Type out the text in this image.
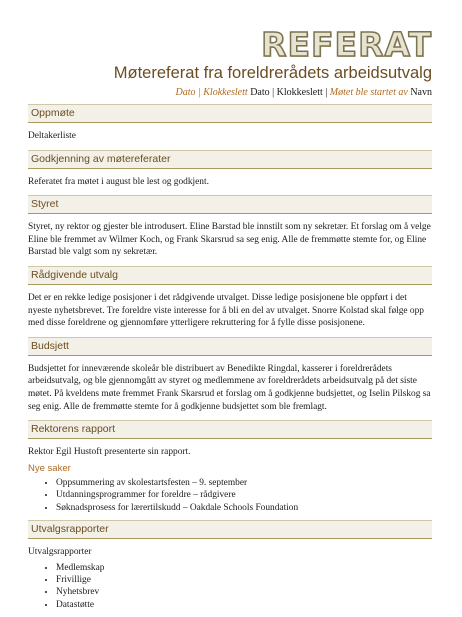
REFERAT
Møtereferat fra foreldrerådets arbeidsutvalg
Dato | Klokkeslett Dato | Klokkeslett | Møtet ble startet av Navn
Oppmøte

Deltakerliste

Godkjenning av møtereferater

Referatet fra møtet i august ble lest og godkjent.

Styret

Styret, ny rektor og gjester ble introdusert. Eline Barstad ble innstilt som ny sekretær. Et forslag om å velge Eline ble fremmet av Wilmer Koch, og Frank Skarsrud sa seg enig. Alle de fremmøtte stemte for, og Eline Barstad ble valgt som ny sekretær.

Rådgivende utvalg

Det er en rekke ledige posisjoner i det rådgivende utvalget. Disse ledige posisjonene ble oppført i det nyeste nyhetsbrevet. Tre foreldre viste interesse for å bli en del av utvalget. Snorre Kolstad skal følge opp med disse foreldrene og gjennomføre ytterligere rekruttering for å fylle disse posisjonene.

Budsjett

Budsjettet for inneværende skoleår ble distribuert av Benedikte Ringdal, kasserer i foreldrerådets arbeidsutvalg, og ble gjennomgått av styret og medlemmene av foreldrerådets arbeidsutvalg på det siste møtet. På kveldens møte fremmet Frank Skarsrud et forslag om å godkjenne budsjettet, og Iselin Pilskog sa seg enig. Alle de fremmøtte stemte for å godkjenne budsjettet som ble fremlagt.

Rektorens rapport

Rektor Egil Hustoft presenterte sin rapport.

Nye saker
• Oppsummering av skolestartsfesten – 9. september
• Utdanningsprogrammer for foreldre – rådgivere
• Søknadsprosess for lærertilskudd – Oakdale Schools Foundation
Utvalgsrapporter

Utvalgsrapporter

• Medlemskap
• Frivillige
• Nyhetsbrev
• Datastøtte
